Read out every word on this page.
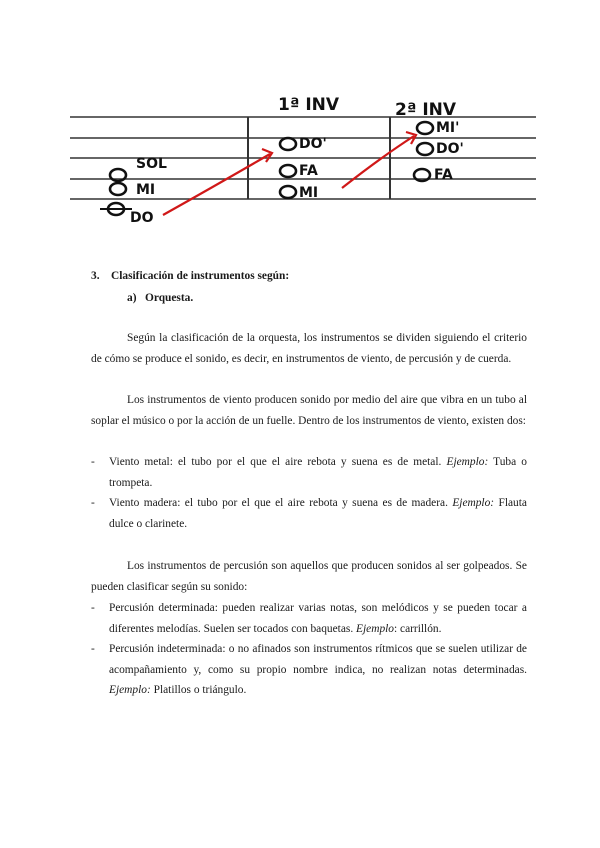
SOL
MI
DO
1ª INV
DO'
FA
MI
2ª INV
MI'
DO'
FA
3. Clasificación de instrumentos según:
a) Orquesta.

Según la clasificación de la orquesta, los instrumentos se dividen siguiendo el criterio de cómo se produce el sonido, es decir, en instrumentos de viento, de percusión y de cuerda.

Los instrumentos de viento producen sonido por medio del aire que vibra en un tubo al soplar el músico o por la acción de un fuelle. Dentro de los instrumentos de viento, existen dos:

- Viento metal: el tubo por el que el aire rebota y suena es de metal. Ejemplo: Tuba o trompeta.
- Viento madera: el tubo por el que el aire rebota y suena es de madera. Ejemplo: Flauta dulce o clarinete.

Los instrumentos de percusión son aquellos que producen sonidos al ser golpeados. Se pueden clasificar según su sonido:

- Percusión determinada: pueden realizar varias notas, son melódicos y se pueden tocar a diferentes melodías. Suelen ser tocados con baquetas. Ejemplo: carrillón.
- Percusión indeterminada: o no afinados son instrumentos rítmicos que se suelen utilizar de acompañamiento y, como su propio nombre indica, no realizan notas determinadas. Ejemplo: Platillos o triángulo.
